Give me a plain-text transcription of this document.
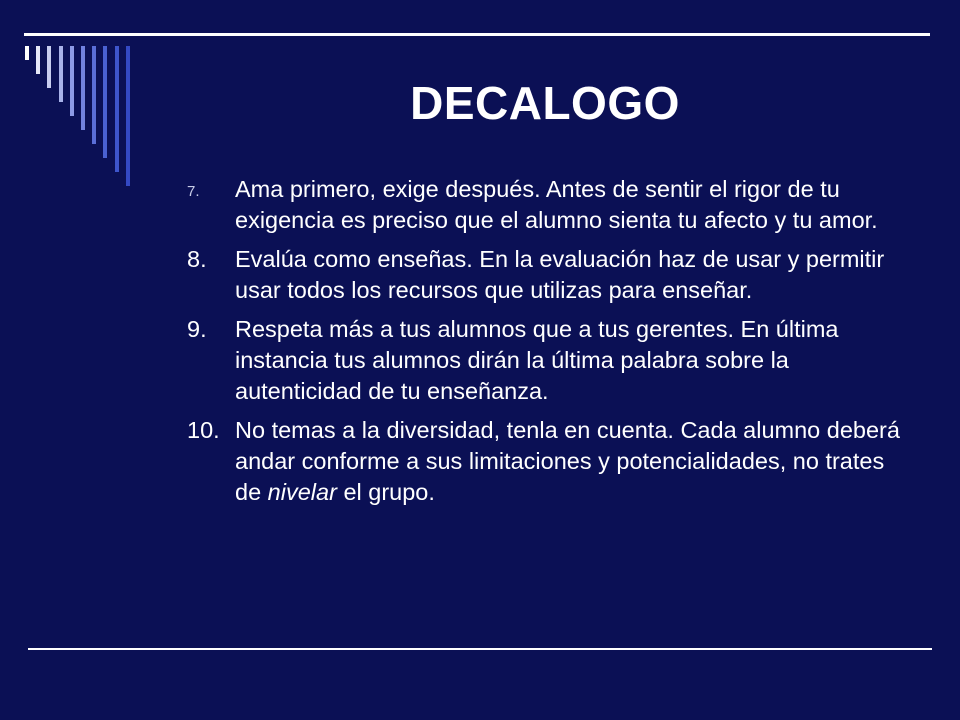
DECALOGO
7. Ama primero, exige después. Antes de sentir el rigor de tu exigencia es preciso que el alumno sienta tu afecto y tu amor.
8. Evalúa como enseñas. En la evaluación haz de usar y permitir usar todos los recursos que utilizas para enseñar.
9. Respeta más a tus alumnos que a tus gerentes. En última instancia tus alumnos dirán la última palabra sobre la autenticidad de tu enseñanza.
10. No temas a la diversidad, tenla en cuenta. Cada alumno deberá andar conforme a sus limitaciones y potencialidades, no trates de nivelar el grupo.
